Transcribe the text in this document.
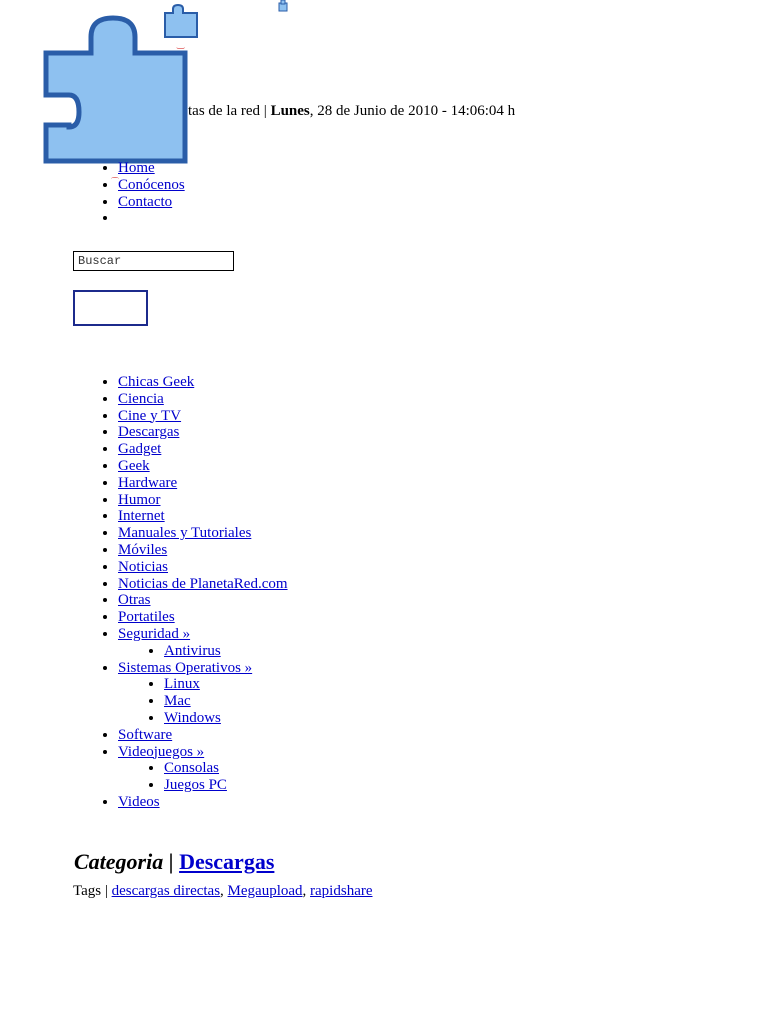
‿
tas de la red | Lunes, 28 de Junio de 2010 - 14:06:04 h
• Home
• Conócenos
• Contacto
•
⌒
Buscar
• Chicas Geek
• Ciencia
• Cine y TV
• Descargas
• Gadget
• Geek
• Hardware
• Humor
• Internet
• Manuales y Tutoriales
• Móviles
• Noticias
• Noticias de PlanetaRed.com
• Otras
• Portatiles
• Seguridad »
• Antivirus
• Sistemas Operativos »
• Linux
• Mac
• Windows
• Software
• Videojuegos »
• Consolas
• Juegos PC
• Videos
Categoria | Descargas
Tags | descargas directas, Megaupload, rapidshare
